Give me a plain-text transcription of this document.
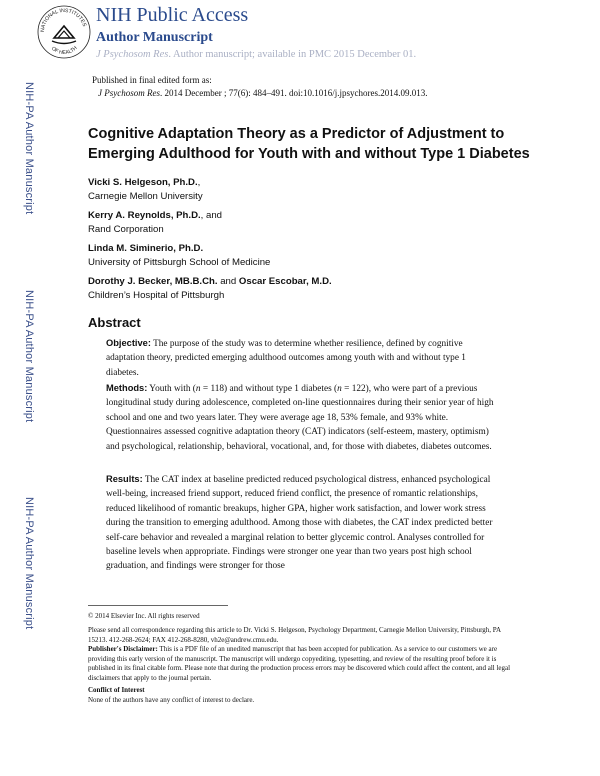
NIH-PA Author Manuscript
NIH-PA Author Manuscript
NIH-PA Author Manuscript
NATIONAL INSTITUTES
OF HEALTH
NIH Public Access
Author Manuscript
J Psychosom Res. Author manuscript; available in PMC 2015 December 01.
Published in final edited form as:
J Psychosom Res. 2014 December ; 77(6): 484–491. doi:10.1016/j.jpsychores.2014.09.013.
Cognitive Adaptation Theory as a Predictor of Adjustment to Emerging Adulthood for Youth with and without Type 1 Diabetes
Vicki S. Helgeson, Ph.D.,
Carnegie Mellon University
Kerry A. Reynolds, Ph.D., and
Rand Corporation
Linda M. Siminerio, Ph.D.
University of Pittsburgh School of Medicine
Dorothy J. Becker, MB.B.Ch. and Oscar Escobar, M.D.
Children’s Hospital of Pittsburgh
Abstract
Objective: The purpose of the study was to determine whether resilience, defined by cognitive adaptation theory, predicted emerging adulthood outcomes among youth with and without type 1 diabetes.
Methods: Youth with (n = 118) and without type 1 diabetes (n = 122), who were part of a previous longitudinal study during adolescence, completed on-line questionnaires during their senior year of high school and one and two years later. They were average age 18, 53% female, and 93% white. Questionnaires assessed cognitive adaptation theory (CAT) indicators (self-esteem, mastery, optimism) and psychological, relationship, behavioral, vocational, and, for those with diabetes, diabetes outcomes.
Results: The CAT index at baseline predicted reduced psychological distress, enhanced psychological well-being, increased friend support, reduced friend conflict, the presence of romantic relationships, reduced likelihood of romantic breakups, higher GPA, higher work satisfaction, and lower work stress during the transition to emerging adulthood. Among those with diabetes, the CAT index predicted better self-care behavior and revealed a marginal relation to better glycemic control. Analyses controlled for baseline levels when appropriate. Findings were stronger one year than two years post high school graduation, and findings were stronger for those
© 2014 Elsevier Inc. All rights reserved
Please send all correspondence regarding this article to Dr. Vicki S. Helgeson, Psychology Department, Carnegie Mellon University, Pittsburgh, PA 15213. 412-268-2624; FAX 412-268-8280, vh2e@andrew.cmu.edu.
Publisher's Disclaimer: This is a PDF file of an unedited manuscript that has been accepted for publication. As a service to our customers we are providing this early version of the manuscript. The manuscript will undergo copyediting, typesetting, and review of the resulting proof before it is published in its final citable form. Please note that during the production process errors may be discovered which could affect the content, and all legal disclaimers that apply to the journal pertain.
Conflict of Interest
None of the authors have any conflict of interest to declare.
